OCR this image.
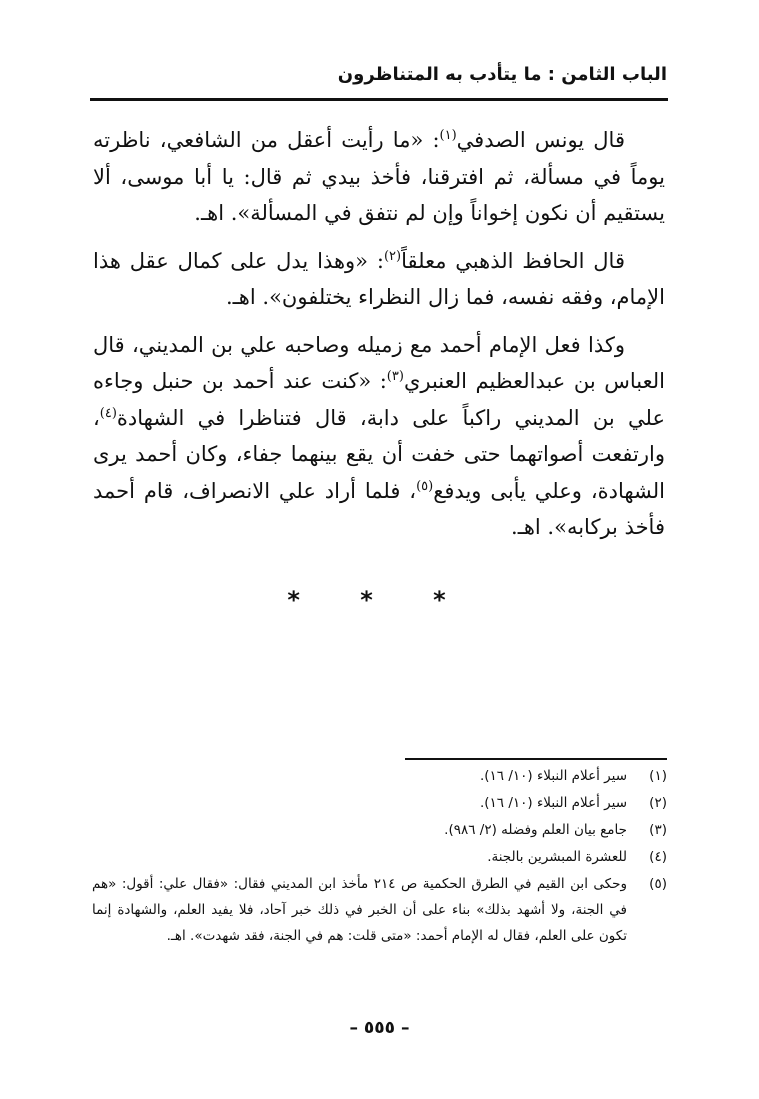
الباب الثامن : ما يتأدب به المتناظرون

قال يونس الصدفي$^{(١)}$: «ما رأيت أعقل من الشافعي، ناظرته يوماً في مسألة، ثم افترقنا، فأخذ بيدي ثم قال: يا أبا موسى، ألا يستقيم أن نكون إخواناً وإن لم نتفق في المسألة». اهـ.

قال الحافظ الذهبي معلقاً$^{(٢)}$: «وهذا يدل على كمال عقل هذا الإمام، وفقه نفسه، فما زال النظراء يختلفون». اهـ.

وكذا فعل الإمام أحمد مع زميله وصاحبه علي بن المديني، قال العباس بن عبدالعظيم العنبري$^{(٣)}$: «كنت عند أحمد بن حنبل وجاءه علي بن المديني راكباً على دابة، قال فتناظرا في الشهادة$^{(٤)}$، وارتفعت أصواتهما حتى خفت أن يقع بينهما جفاء، وكان أحمد يرى الشهادة، وعلي يأبى ويدفع$^{(٥)}$، فلما أراد علي الانصراف، قام أحمد فأخذ بركابه». اهـ.

* * *
(١)
سير أعلام النبلاء (١٠/ ١٦).
(٢)
سير أعلام النبلاء (١٠/ ١٦).
(٣)
جامع بيان العلم وفضله (٢/ ٩٨٦).
(٤)
للعشرة المبشرين بالجنة.
(٥)
وحكى ابن القيم في الطرق الحكمية ص ٢١٤ مأخذ ابن المديني فقال: «فقال علي: أقول: «هم في الجنة، ولا أشهد بذلك» بناء على أن الخبر في ذلك خبر آحاد، فلا يفيد العلم، والشهادة إنما تكون على العلم، فقال له الإمام أحمد: «متى قلت: هم في الجنة، فقد شهدت». اهـ.
– ٥٥٥ –
